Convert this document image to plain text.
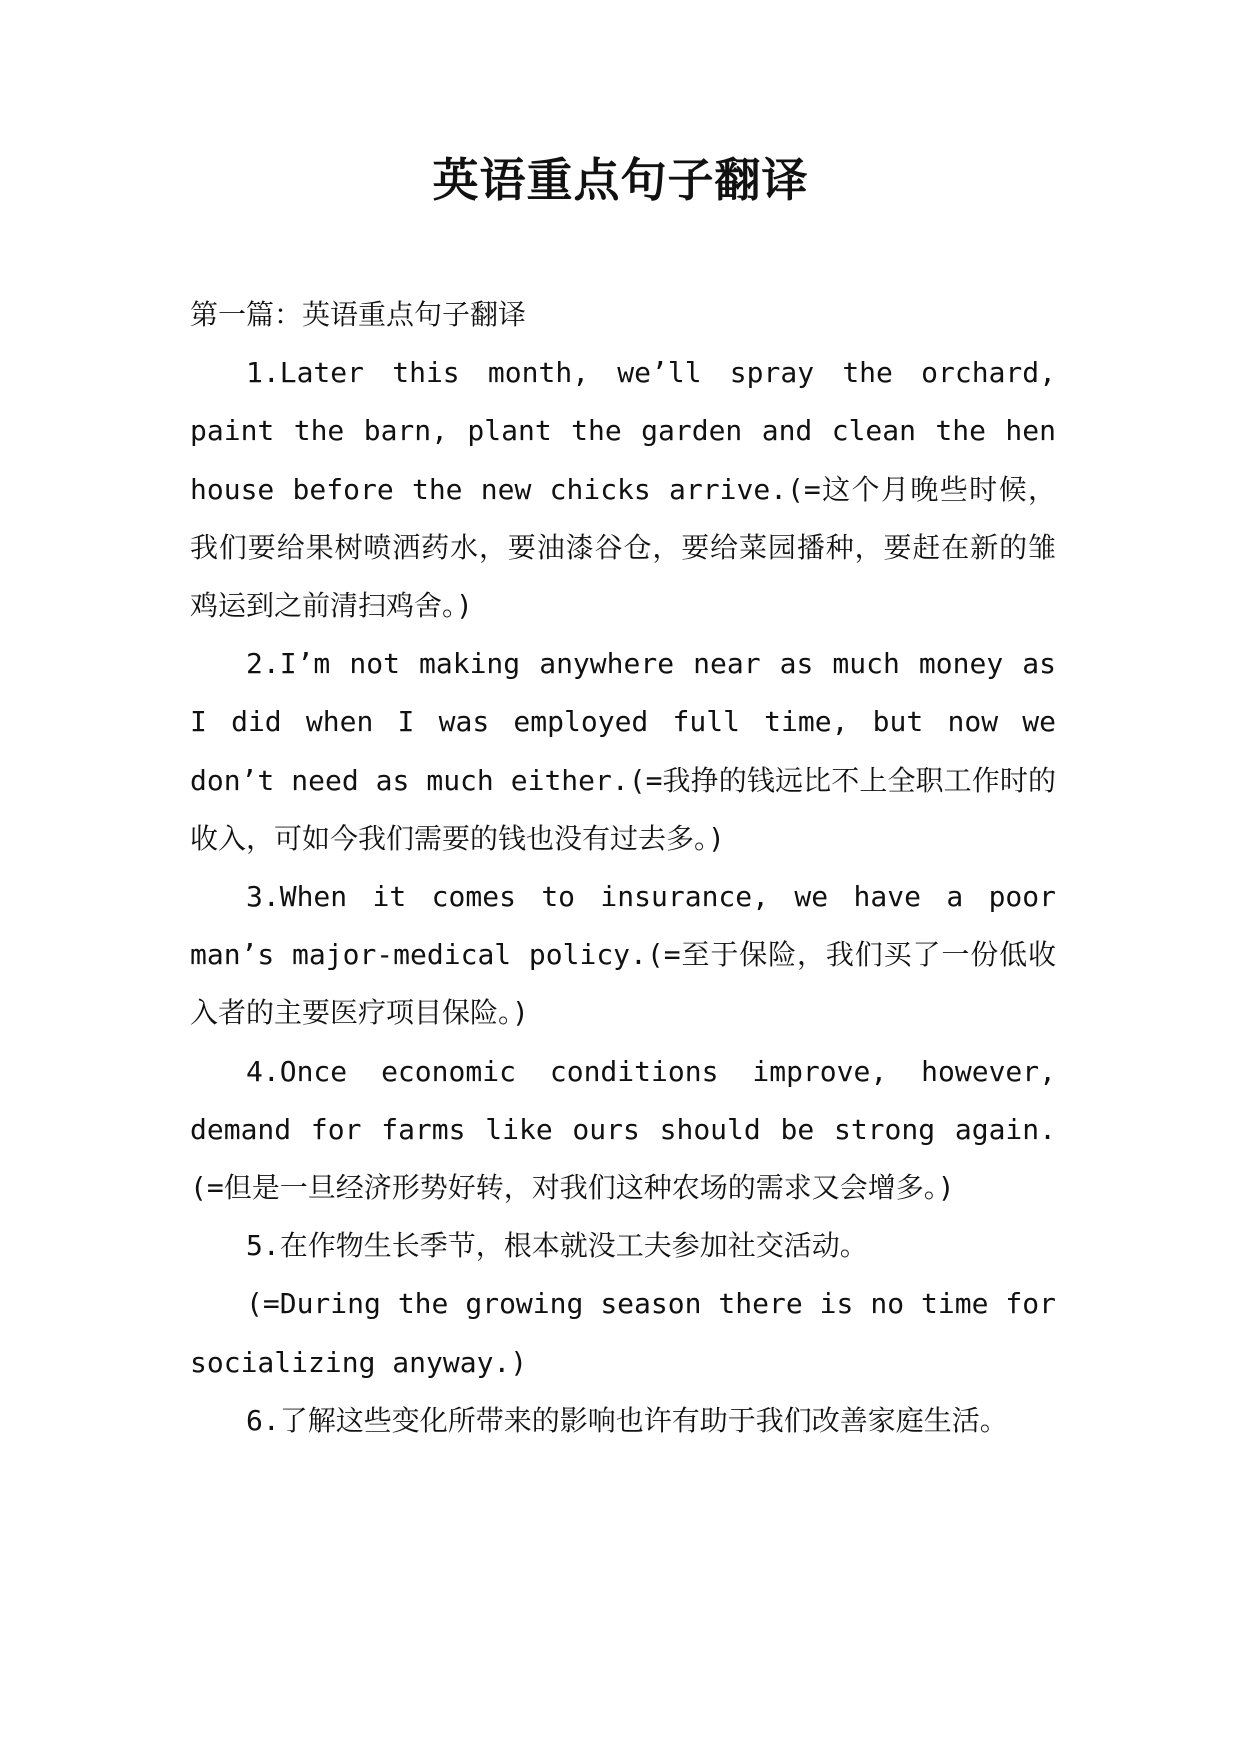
英语重点句子翻译

第一篇：英语重点句子翻译

1.Later this month, we’ll spray the orchard, paint the barn, plant the garden and clean the hen house before the new chicks arrive.(=这个月晚些时候，我们要给果树喷洒药水，要油漆谷仓，要给菜园播种，要赶在新的雏鸡运到之前清扫鸡舍。)

2.I’m not making anywhere near as much money as I did when I was employed full time, but now we don’t need as much either.(=我挣的钱远比不上全职工作时的收入，可如今我们需要的钱也没有过去多。)

3.When it comes to insurance, we have a poor man’s major-medical policy.(=至于保险，我们买了一份低收入者的主要医疗项目保险。)

4.Once economic conditions improve, however, demand for farms like ours should be strong again.(=但是一旦经济形势好转，对我们这种农场的需求又会增多。)

5.在作物生长季节，根本就没工夫参加社交活动。

(=During the growing season there is no time for socializing anyway.)

6.了解这些变化所带来的影响也许有助于我们改善家庭生活。
